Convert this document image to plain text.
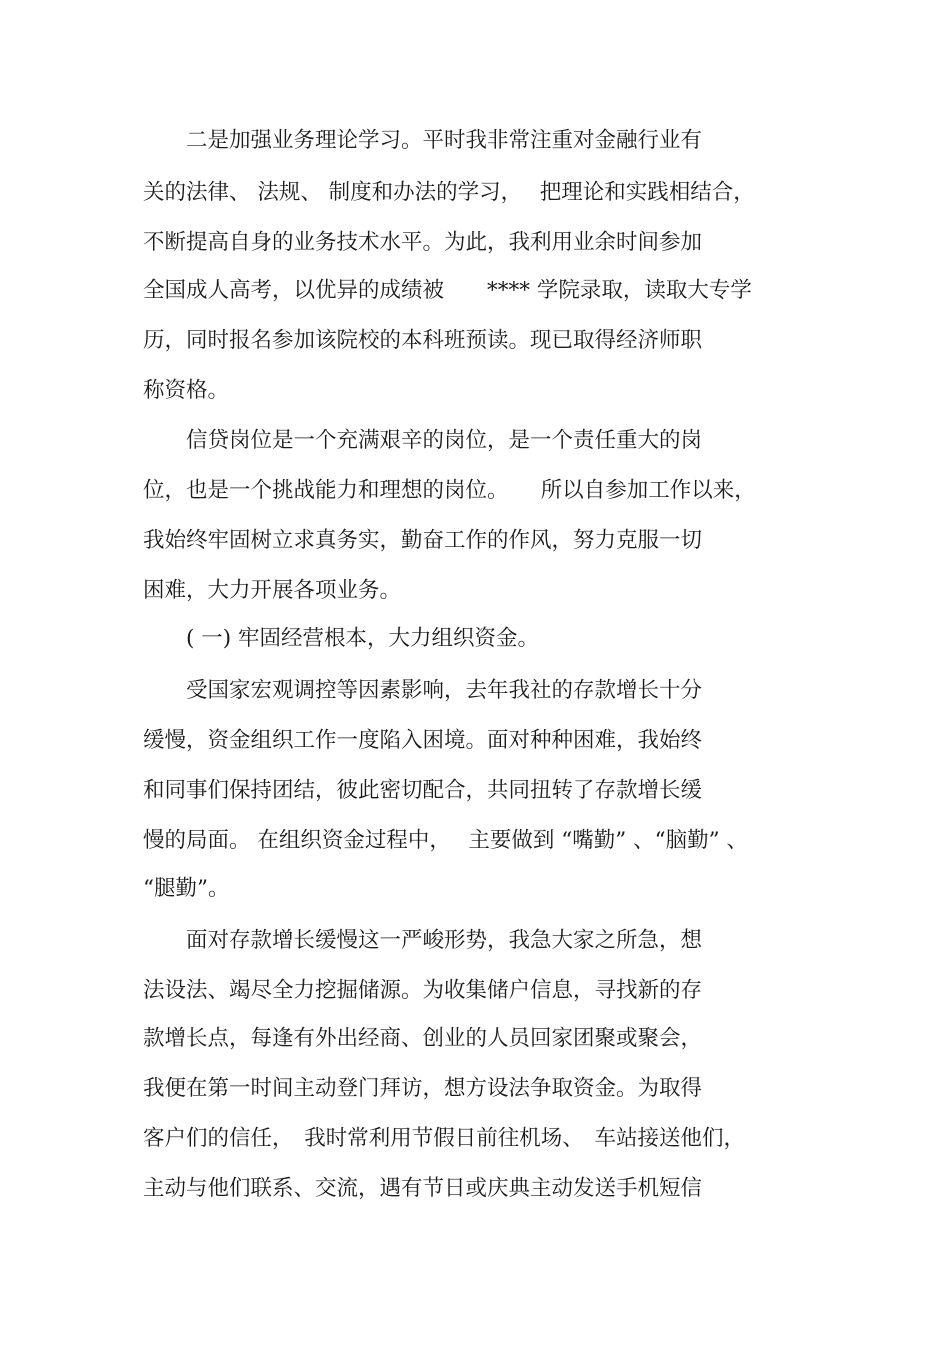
　　二是加强业务理论学习。平时我非常注重对金融行业有
关的法律、 法规、 制度和办法的学习，　 把理论和实践相结合，
不断提高自身的业务技术水平。为此，我利用业余时间参加
全国成人高考，以优异的成绩被　　**** 学院录取，读取大专学
历，同时报名参加该院校的本科班预读。现已取得经济师职
称资格。
　　信贷岗位是一个充满艰辛的岗位，是一个责任重大的岗
位，也是一个挑战能力和理想的岗位。　　所以自参加工作以来，
我始终牢固树立求真务实，勤奋工作的作风，努力克服一切
困难，大力开展各项业务。
　　( 一) 牢固经营根本，大力组织资金。
　　受国家宏观调控等因素影响，去年我社的存款增长十分
缓慢，资金组织工作一度陷入困境。面对种种困难，我始终
和同事们保持团结，彼此密切配合，共同扭转了存款增长缓
慢的局面。 在组织资金过程中，　 主要做到 “嘴勤” 、“脑勤” 、
“腿勤”。
　　面对存款增长缓慢这一严峻形势，我急大家之所急，想
法设法、竭尽全力挖掘储源。为收集储户信息，寻找新的存
款增长点，每逢有外出经商、创业的人员回家团聚或聚会，
我便在第一时间主动登门拜访，想方设法争取资金。为取得
客户们的信任，　我时常利用节假日前往机场、　车站接送他们，
主动与他们联系、交流，遇有节日或庆典主动发送手机短信
